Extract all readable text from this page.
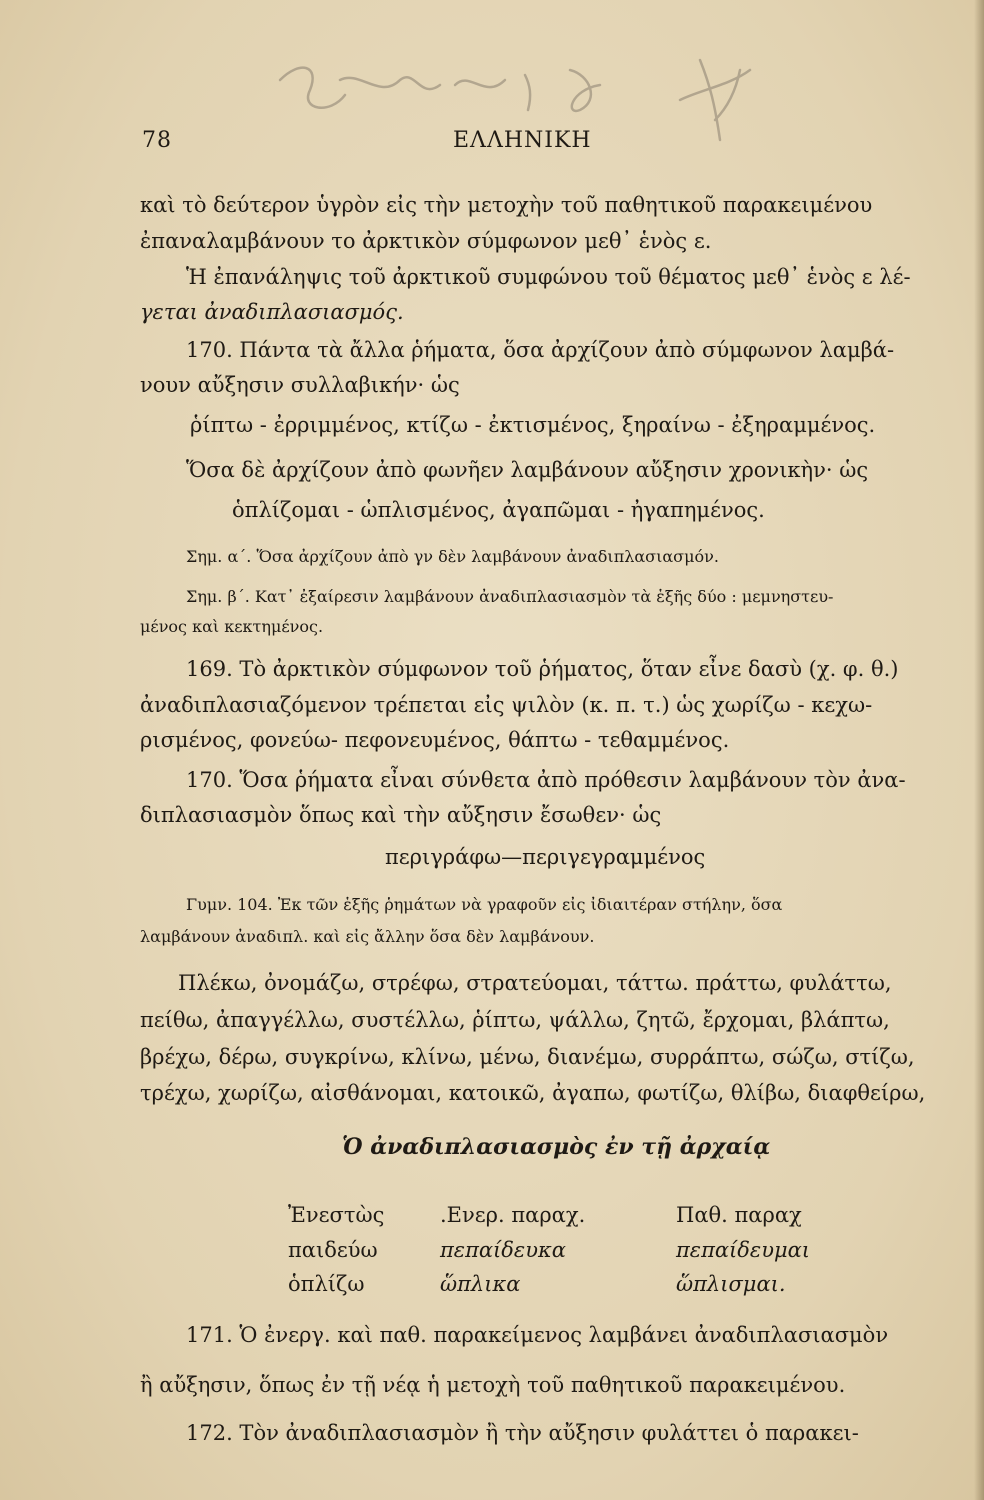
78	ΕΛΛΗΝΙΚΗ
καὶ τὸ δεύτερον ὑγρὸν εἰς τὴν μετοχὴν τοῦ παθητικοῦ παρακειμένου
ἐπαναλαμβάνουν το ἀρκτικὸν σύμφωνον μεθ᾿ ἑνὸς ε.
Ἡ ἐπανάληψις τοῦ ἀρκτικοῦ συμφώνου τοῦ θέματος μεθ᾿ ἑνὸς ε λέ-
γεται ἀναδιπλασιασμός.
170. Πάντα τὰ ἄλλα ῥήματα, ὅσα ἀρχίζουν ἀπὸ σύμφωνον λαμβά-
νουν αὔξησιν συλλαβικήν· ὡς
ῥίπτω - ἐρριμμένος, κτίζω - ἐκτισμένος, ξηραίνω - ἐξηραμμένος.
Ὅσα δὲ ἀρχίζουν ἀπὸ φωνῆεν λαμβάνουν αὔξησιν χρονικὴν· ὡς
ὁπλίζομαι - ὡπλισμένος, ἀγαπῶμαι - ἠγαπημένος.
Σημ. α΄. Ὅσα ἀρχίζουν ἀπὸ γν δὲν λαμβάνουν ἀναδιπλασιασμόν.
Σημ. β΄. Κατ᾿ ἐξαίρεσιν λαμβάνουν ἀναδιπλασιασμὸν τὰ ἑξῆς δύο : μεμνηστευ-
μένος καὶ κεκτημένος.
169. Τὸ ἀρκτικὸν σύμφωνον τοῦ ῥήματος, ὅταν εἶνε δασὺ (χ. φ. θ.)
ἀναδιπλασιαζόμενον τρέπεται εἰς ψιλὸν (κ. π. τ.) ὡς χωρίζω - κεχω-
ρισμένος, φονεύω- πεφονευμένος, θάπτω - τεθαμμένος.
170. Ὅσα ῥήματα εἶναι σύνθετα ἀπὸ πρόθεσιν λαμβάνουν τὸν ἀνα-
διπλασιασμὸν ὅπως καὶ τὴν αὔξησιν ἔσωθεν· ὡς
περιγράφω—περιγεγραμμένος
Γυμν. 104. Ἐκ τῶν ἑξῆς ῥημάτων νὰ γραφοῦν εἰς ἰδιαιτέραν στήλην, ὅσα
λαμβάνουν ἀναδιπλ. καὶ εἰς ἄλλην ὅσα δὲν λαμβάνουν.
Πλέκω, ὀνομάζω, στρέφω, στρατεύομαι, τάττω. πράττω, φυλάττω,
πείθω, ἀπαγγέλλω, συστέλλω, ῥίπτω, ψάλλω, ζητῶ, ἔρχομαι, βλάπτω,
βρέχω, δέρω, συγκρίνω, κλίνω, μένω, διανέμω, συρράπτω, σώζω, στίζω,
τρέχω, χωρίζω, αἰσθάνομαι, κατοικῶ, ἀγαπω, φωτίζω, θλίβω, διαφθείρω,
Ὁ ἀναδιπλασιασμὸς ἐν τῇ ἀρχαίᾳ
Ἐνεστὼς	.Ενερ. παραχ.	Παθ. παραχ
παιδεύω	πεπαίδευκα	πεπαίδευμαι
ὁπλίζω	ὥπλικα	ὥπλισμαι.
171. Ὁ ἐνεργ. καὶ παθ. παρακείμενος λαμβάνει ἀναδιπλασιασμὸν
ἢ αὔξησιν, ὅπως ἐν τῇ νέᾳ ἡ μετοχὴ τοῦ παθητικοῦ παρακειμένου.
172. Τὸν ἀναδιπλασιασμὸν ἢ τὴν αὔξησιν φυλάττει ὁ παρακει-
